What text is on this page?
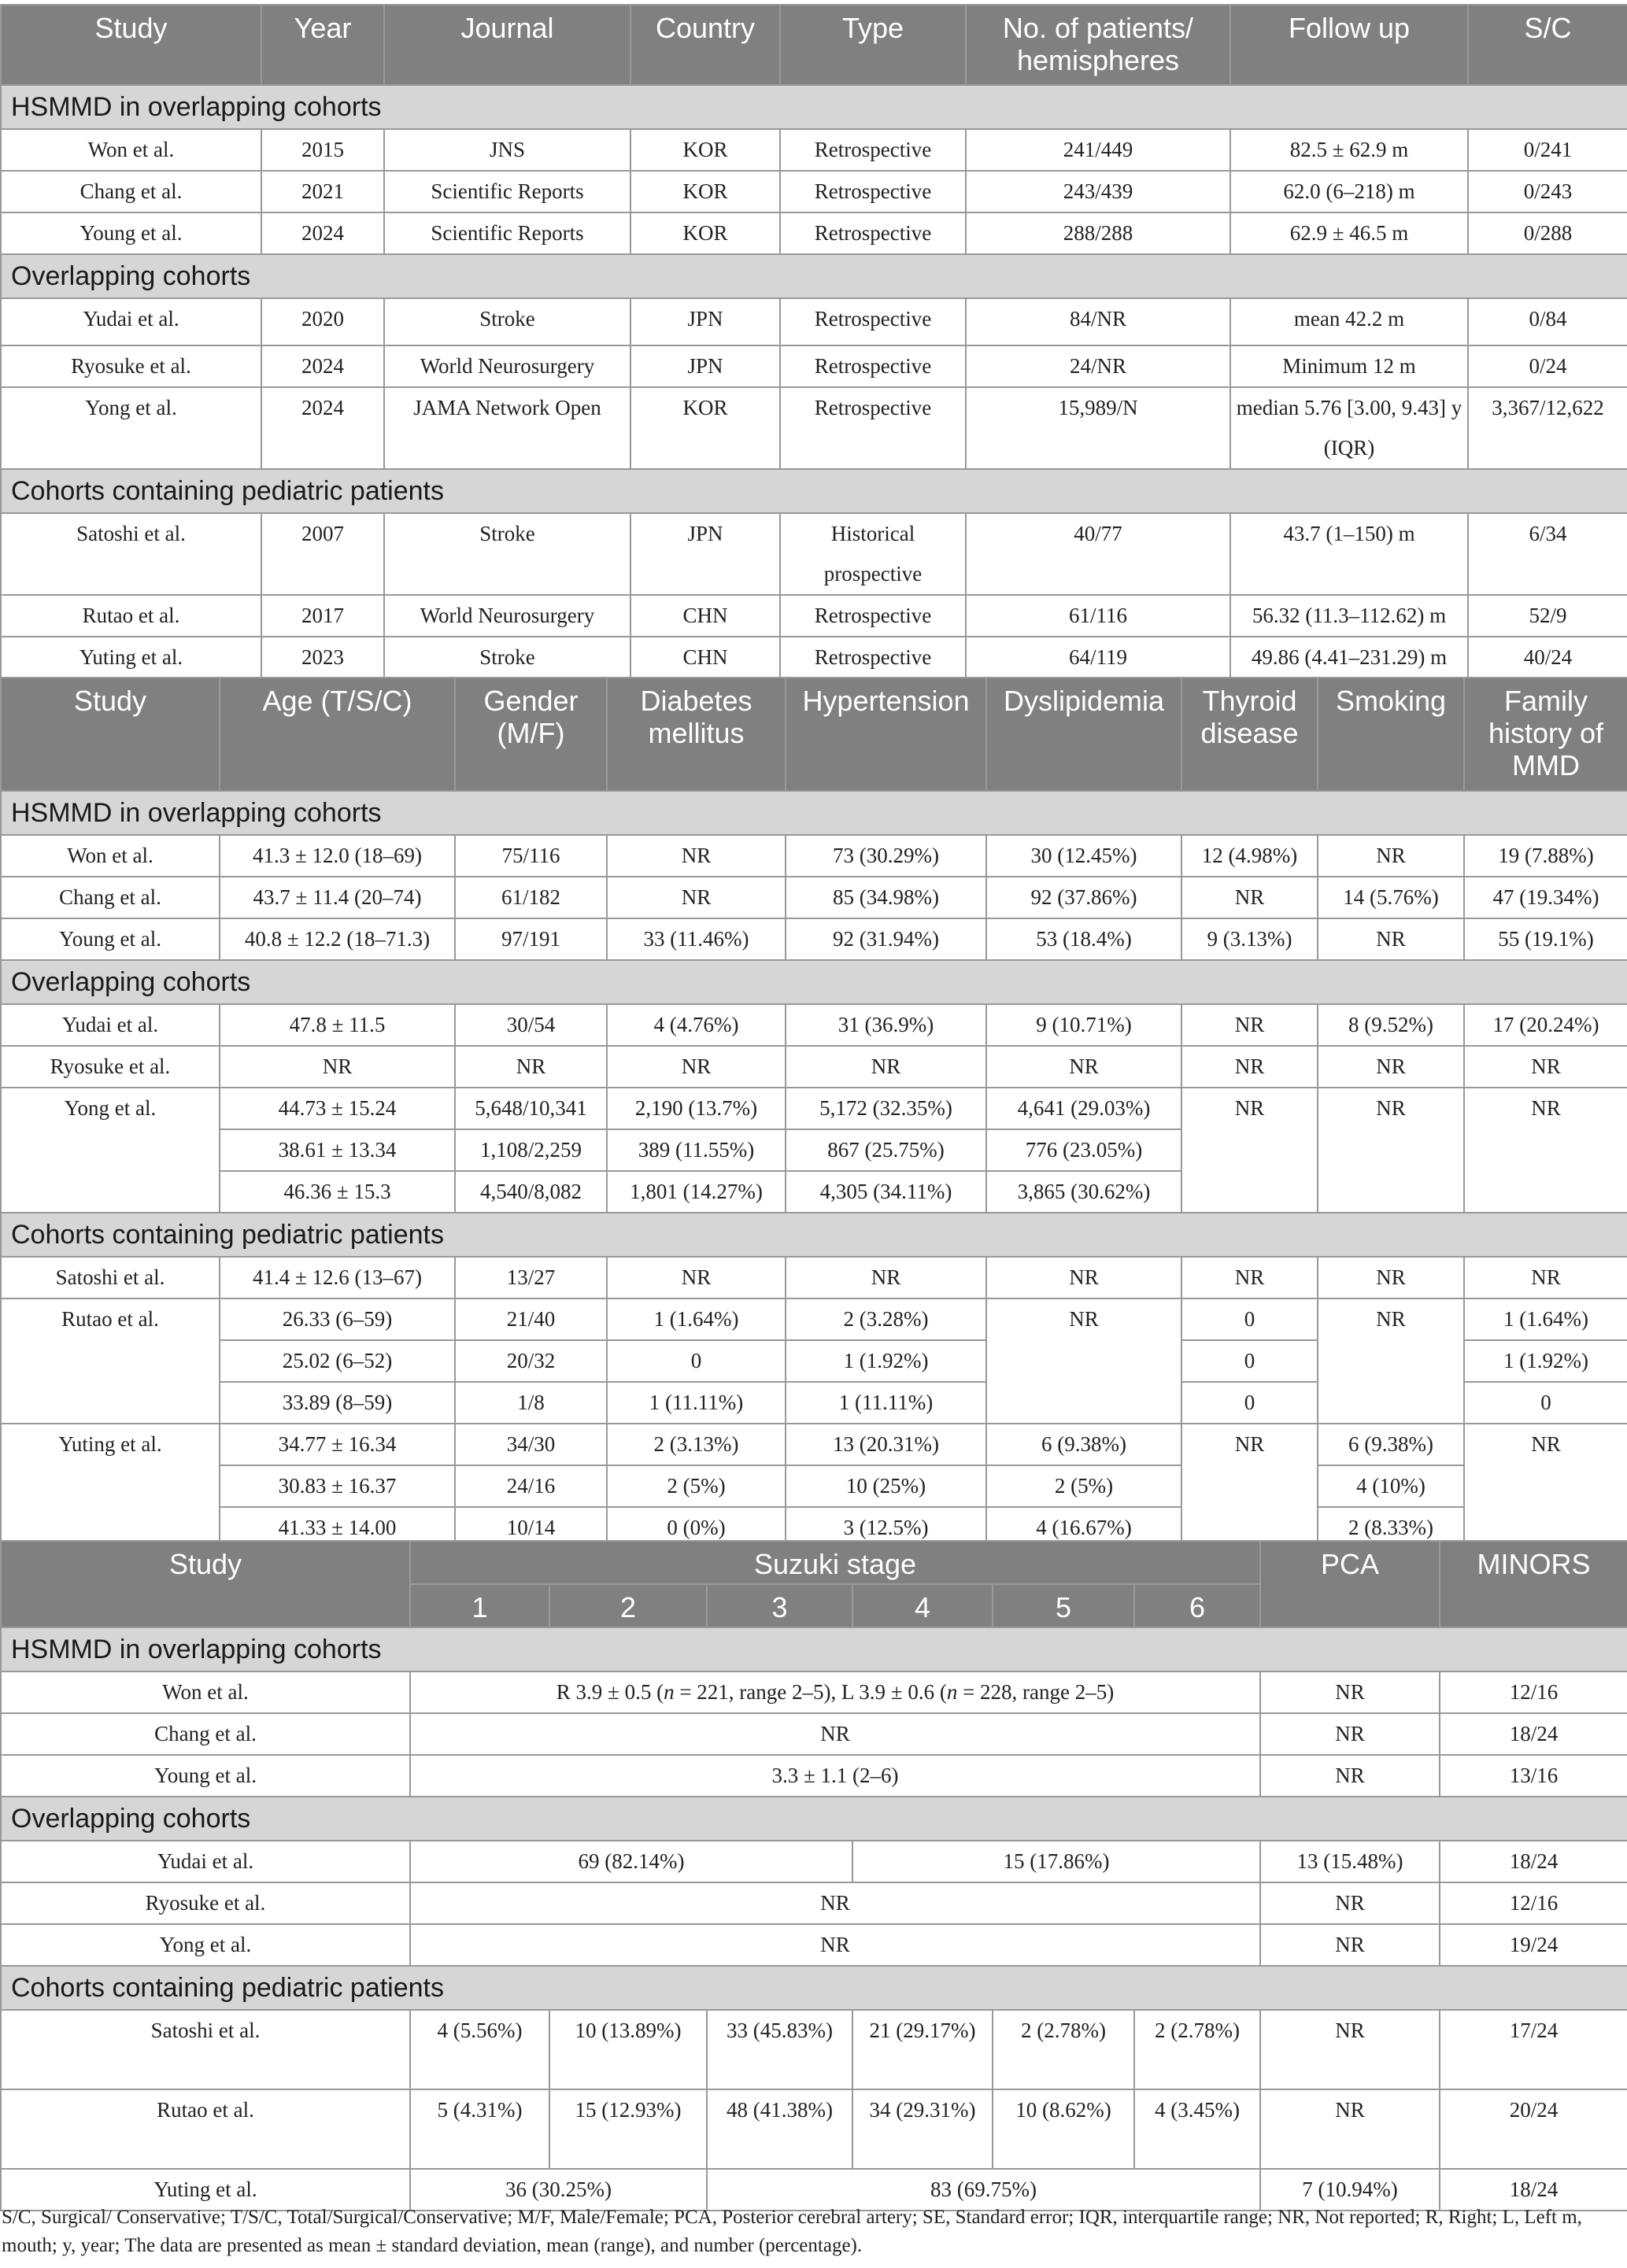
Study	Year	Journal	Country	Type	No. of patients/ hemispheres	Follow up	S/C
HSMMD in overlapping cohorts							
Won et al.	2015	JNS	KOR	Retrospective	241/449	82.5 ± 62.9 m	0/241
Chang et al.	2021	Scientific Reports	KOR	Retrospective	243/439	62.0 (6–218) m	0/243
Young et al.	2024	Scientific Reports	KOR	Retrospective	288/288	62.9 ± 46.5 m	0/288
Overlapping cohorts							
Yudai et al.	2020	Stroke	JPN	Retrospective	84/NR	mean 42.2 m	0/84
Ryosuke et al.	2024	World Neurosurgery	JPN	Retrospective	24/NR	Minimum 12 m	0/24
Yong et al.	2024	JAMA Network Open	KOR	Retrospective	15,989/N	median 5.76 [3.00, 9.43] y (IQR)	3,367/12,622
Cohorts containing pediatric patients							
Satoshi et al.	2007	Stroke	JPN	Historical prospective	40/77	43.7 (1–150) m	6/34
Rutao et al.	2017	World Neurosurgery	CHN	Retrospective	61/116	56.32 (11.3–112.62) m	52/9
Yuting et al.	2023	Stroke	CHN	Retrospective	64/119	49.86 (4.41–231.29) m	40/24
Study	Age (T/S/C)	Gender (M/F)	Diabetes mellitus	Hypertension	Dyslipidemia	Thyroid disease	Smoking	Family history of MMD
HSMMD in overlapping cohorts								
Won et al.	41.3 ± 12.0 (18–69)	75/116	NR	73 (30.29%)	30 (12.45%)	12 (4.98%)	NR	19 (7.88%)
Chang et al.	43.7 ± 11.4 (20–74)	61/182	NR	85 (34.98%)	92 (37.86%)	NR	14 (5.76%)	47 (19.34%)
Young et al.	40.8 ± 12.2 (18–71.3)	97/191	33 (11.46%)	92 (31.94%)	53 (18.4%)	9 (3.13%)	NR	55 (19.1%)
Overlapping cohorts								
Yudai et al.	47.8 ± 11.5	30/54	4 (4.76%)	31 (36.9%)	9 (10.71%)	NR	8 (9.52%)	17 (20.24%)
Ryosuke et al.	NR	NR	NR	NR	NR	NR	NR	NR
Yong et al.	44.73 ± 15.24	5,648/10,341	2,190 (13.7%)	5,172 (32.35%)	4,641 (29.03%)	NR	NR	NR
	38.61 ± 13.34	1,108/2,259	389 (11.55%)	867 (25.75%)	776 (23.05%)			
	46.36 ± 15.3	4,540/8,082	1,801 (14.27%)	4,305 (34.11%)	3,865 (30.62%)			
Cohorts containing pediatric patients								
Satoshi et al.	41.4 ± 12.6 (13–67)	13/27	NR	NR	NR	NR	NR	NR
Rutao et al.	26.33 (6–59)	21/40	1 (1.64%)	2 (3.28%)	NR	0	NR	1 (1.64%)
	25.02 (6–52)	20/32	0	1 (1.92%)		0		1 (1.92%)
	33.89 (8–59)	1/8	1 (11.11%)	1 (11.11%)		0		0
Yuting et al.	34.77 ± 16.34	34/30	2 (3.13%)	13 (20.31%)	6 (9.38%)	NR	6 (9.38%)	NR
	30.83 ± 16.37	24/16	2 (5%)	10 (25%)	2 (5%)		4 (10%)	
	41.33 ± 14.00	10/14	0 (0%)	3 (12.5%)	4 (16.67%)		2 (8.33%)	
Study	Suzuki stage						PCA	MINORS
	1	2	3	4	5	6		
HSMMD in overlapping cohorts								
Won et al.	R 3.9 ± 0.5 (n = 221, range 2–5), L 3.9 ± 0.6 (n = 228, range 2–5)						NR	12/16
Chang et al.	NR						NR	18/24
Young et al.	3.3 ± 1.1 (2–6)						NR	13/16
Overlapping cohorts								
Yudai et al.	69 (82.14%)			15 (17.86%)			13 (15.48%)	18/24
Ryosuke et al.	NR						NR	12/16
Yong et al.	NR						NR	19/24
Cohorts containing pediatric patients								
Satoshi et al.	4 (5.56%)	10 (13.89%)	33 (45.83%)	21 (29.17%)	2 (2.78%)	2 (2.78%)	NR	17/24
Rutao et al.	5 (4.31%)	15 (12.93%)	48 (41.38%)	34 (29.31%)	10 (8.62%)	4 (3.45%)	NR	20/24
Yuting et al.	36 (30.25%)		83 (69.75%)				7 (10.94%)	18/24

S/C, Surgical/ Conservative; T/S/C, Total/Surgical/Conservative; M/F, Male/Female; PCA, Posterior cerebral artery; SE, Standard error; IQR, interquartile range; NR, Not reported; R, Right; L, Left m, mouth; y, year; The data are presented as mean ± standard deviation, mean (range), and number (percentage).
